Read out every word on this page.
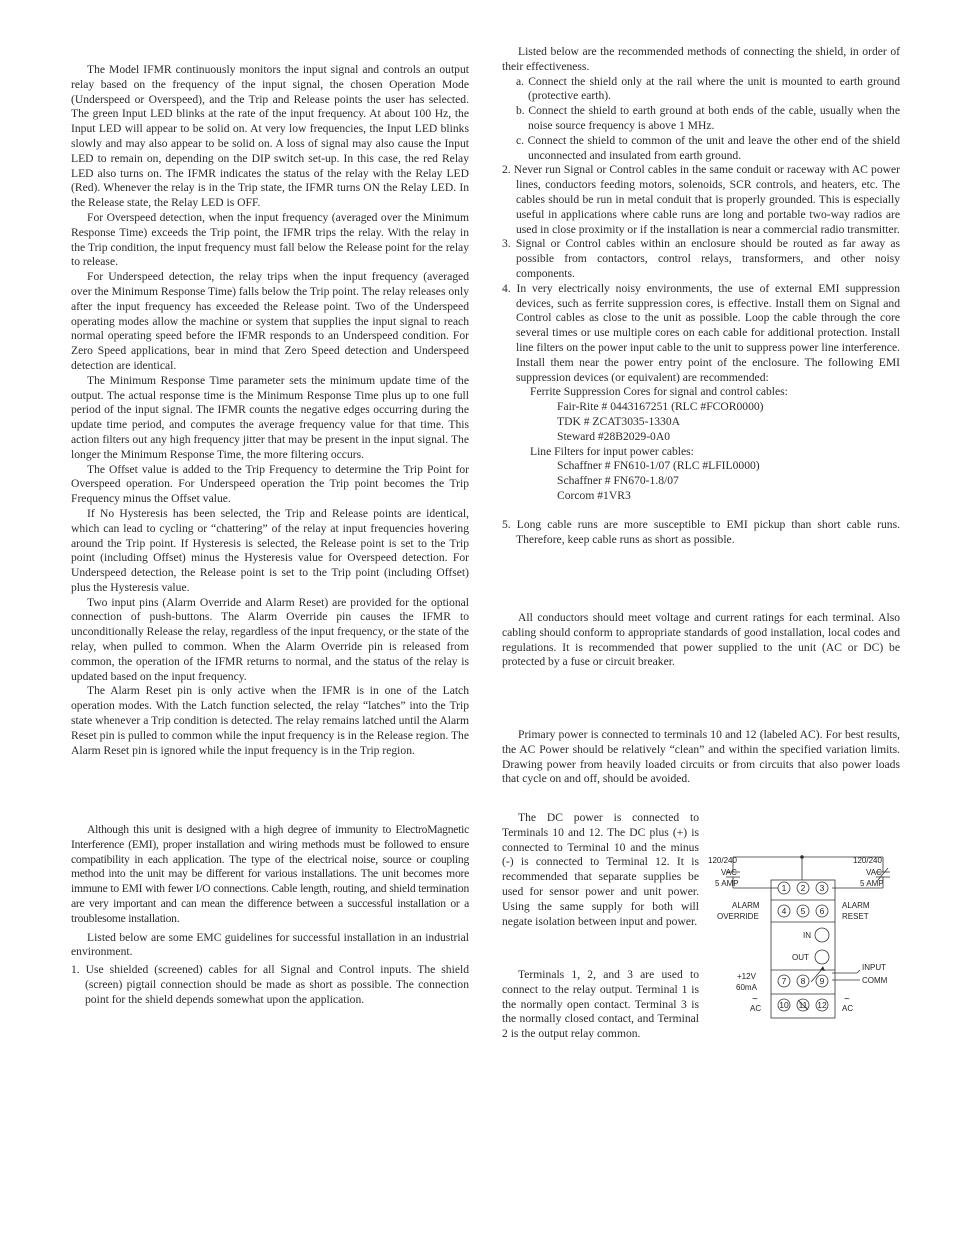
The Model IFMR continuously monitors the input signal and controls an output relay based on the frequency of the input signal, the chosen Operation Mode (Underspeed or Overspeed), and the Trip and Release points the user has selected. The green Input LED blinks at the rate of the input frequency. At about 100 Hz, the Input LED will appear to be solid on. At very low frequencies, the Input LED blinks slowly and may also appear to be solid on. A loss of signal may also cause the Input LED to remain on, depending on the DIP switch set-up. In this case, the red Relay LED also turns on. The IFMR indicates the status of the relay with the Relay LED (Red). Whenever the relay is in the Trip state, the IFMR turns ON the Relay LED. In the Release state, the Relay LED is OFF.

For Overspeed detection, when the input frequency (averaged over the Minimum Response Time) exceeds the Trip point, the IFMR trips the relay. With the relay in the Trip condition, the input frequency must fall below the Release point for the relay to release.

For Underspeed detection, the relay trips when the input frequency (averaged over the Minimum Response Time) falls below the Trip point. The relay releases only after the input frequency has exceeded the Release point. Two of the Underspeed operating modes allow the machine or system that supplies the input signal to reach normal operating speed before the IFMR responds to an Underspeed condition. For Zero Speed applications, bear in mind that Zero Speed detection and Underspeed detection are identical.

The Minimum Response Time parameter sets the minimum update time of the output. The actual response time is the Minimum Response Time plus up to one full period of the input signal. The IFMR counts the negative edges occurring during the update time period, and computes the average frequency value for that time. This action filters out any high frequency jitter that may be present in the input signal. The longer the Minimum Response Time, the more filtering occurs.

The Offset value is added to the Trip Frequency to determine the Trip Point for Overspeed operation. For Underspeed operation the Trip point becomes the Trip Frequency minus the Offset value.

If No Hysteresis has been selected, the Trip and Release points are identical, which can lead to cycling or “chattering” of the relay at input frequencies hovering around the Trip point. If Hysteresis is selected, the Release point is set to the Trip point (including Offset) minus the Hysteresis value for Overspeed detection. For Underspeed detection, the Release point is set to the Trip point (including Offset) plus the Hysteresis value.

Two input pins (Alarm Override and Alarm Reset) are provided for the optional connection of push-buttons. The Alarm Override pin causes the IFMR to unconditionally Release the relay, regardless of the input frequency, or the state of the relay, when pulled to common. When the Alarm Override pin is released from common, the operation of the IFMR returns to normal, and the status of the relay is updated based on the input frequency.

The Alarm Reset pin is only active when the IFMR is in one of the Latch operation modes. With the Latch function selected, the relay “latches” into the Trip state whenever a Trip condition is detected. The relay remains latched until the Alarm Reset pin is pulled to common while the input frequency is in the Release region. The Alarm Reset pin is ignored while the input frequency is in the Trip region.

Although this unit is designed with a high degree of immunity to ElectroMagnetic Interference (EMI), proper installation and wiring methods must be followed to ensure compatibility in each application. The type of the electrical noise, source or coupling method into the unit may be different for various installations. The unit becomes more immune to EMI with fewer I/O connections. Cable length, routing, and shield termination are very important and can mean the difference between a successful installation or a troublesome installation.

Listed below are some EMC guidelines for successful installation in an industrial environment.

1. Use shielded (screened) cables for all Signal and Control inputs. The shield (screen) pigtail connection should be made as short as possible. The connection point for the shield depends somewhat upon the application.

Listed below are the recommended methods of connecting the shield, in order of their effectiveness.

a. Connect the shield only at the rail where the unit is mounted to earth ground (protective earth).

b. Connect the shield to earth ground at both ends of the cable, usually when the noise source frequency is above 1 MHz.

c. Connect the shield to common of the unit and leave the other end of the shield unconnected and insulated from earth ground.

2. Never run Signal or Control cables in the same conduit or raceway with AC power lines, conductors feeding motors, solenoids, SCR controls, and heaters, etc. The cables should be run in metal conduit that is properly grounded. This is especially useful in applications where cable runs are long and portable two-way radios are used in close proximity or if the installation is near a commercial radio transmitter.

3. Signal or Control cables within an enclosure should be routed as far away as possible from contactors, control relays, transformers, and other noisy components.

4. In very electrically noisy environments, the use of external EMI suppression devices, such as ferrite suppression cores, is effective. Install them on Signal and Control cables as close to the unit as possible. Loop the cable through the core several times or use multiple cores on each cable for additional protection. Install line filters on the power input cable to the unit to suppress power line interference. Install them near the power entry point of the enclosure. The following EMI suppression devices (or equivalent) are recommended:

Ferrite Suppression Cores for signal and control cables:

Fair-Rite # 0443167251 (RLC #FCOR0000)

TDK # ZCAT3035-1330A

Steward #28B2029-0A0

Line Filters for input power cables:

Schaffner # FN610-1/07 (RLC #LFIL0000)

Schaffner # FN670-1.8/07

Corcom #1VR3

5. Long cable runs are more susceptible to EMI pickup than short cable runs. Therefore, keep cable runs as short as possible.

All conductors should meet voltage and current ratings for each terminal. Also cabling should conform to appropriate standards of good installation, local codes and regulations. It is recommended that power supplied to the unit (AC or DC) be protected by a fuse or circuit breaker.

Primary power is connected to terminals 10 and 12 (labeled AC). For best results, the AC Power should be relatively “clean” and within the specified variation limits. Drawing power from heavily loaded circuits or from circuits that also power loads that cycle on and off, should be avoided.

The DC power is connected to Terminals 10 and 12. The DC plus (+) is connected to Terminal 10 and the minus (-) is connected to Terminal 12. It is recommended that separate supplies be used for sensor power and unit power. Using the same supply for both will negate isolation between input and power.

Terminals 1, 2, and 3 are used to connect to the relay output. Terminal 1 is the normally open contact. Terminal 3 is the normally closed contact, and Terminal 2 is the output relay common.

1 2 3
4 5 6
7 8 9
10 11 12
120/240
VAC
5 AMP
120/240
VAC
5 AMP
ALARM
OVERRIDE
ALARM
RESET
IN
OUT
INPUT
COMM
+12V
60mA
~
AC
~
AC
